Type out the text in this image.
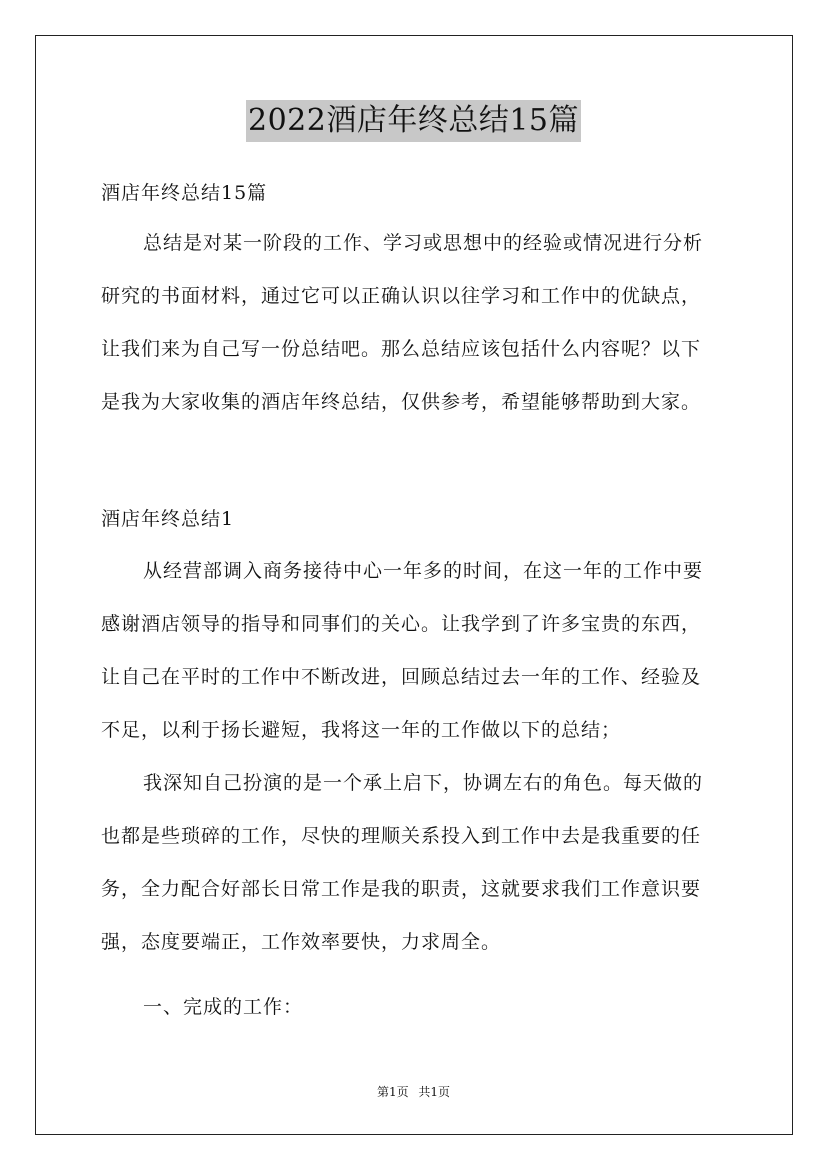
2022酒店年终总结15篇
酒店年终总结15篇
总结是对某一阶段的工作、学习或思想中的经验或情况进行分析
研究的书面材料，通过它可以正确认识以往学习和工作中的优缺点，
让我们来为自己写一份总结吧。那么总结应该包括什么内容呢？以下
是我为大家收集的酒店年终总结，仅供参考，希望能够帮助到大家。
酒店年终总结1
从经营部调入商务接待中心一年多的时间，在这一年的工作中要
感谢酒店领导的指导和同事们的关心。让我学到了许多宝贵的东西，
让自己在平时的工作中不断改进，回顾总结过去一年的工作、经验及
不足，以利于扬长避短，我将这一年的工作做以下的总结；
我深知自己扮演的是一个承上启下，协调左右的角色。每天做的
也都是些琐碎的工作，尽快的理顺关系投入到工作中去是我重要的任
务，全力配合好部长日常工作是我的职责，这就要求我们工作意识要
强，态度要端正，工作效率要快，力求周全。
一、完成的工作：
第1页 共1页
